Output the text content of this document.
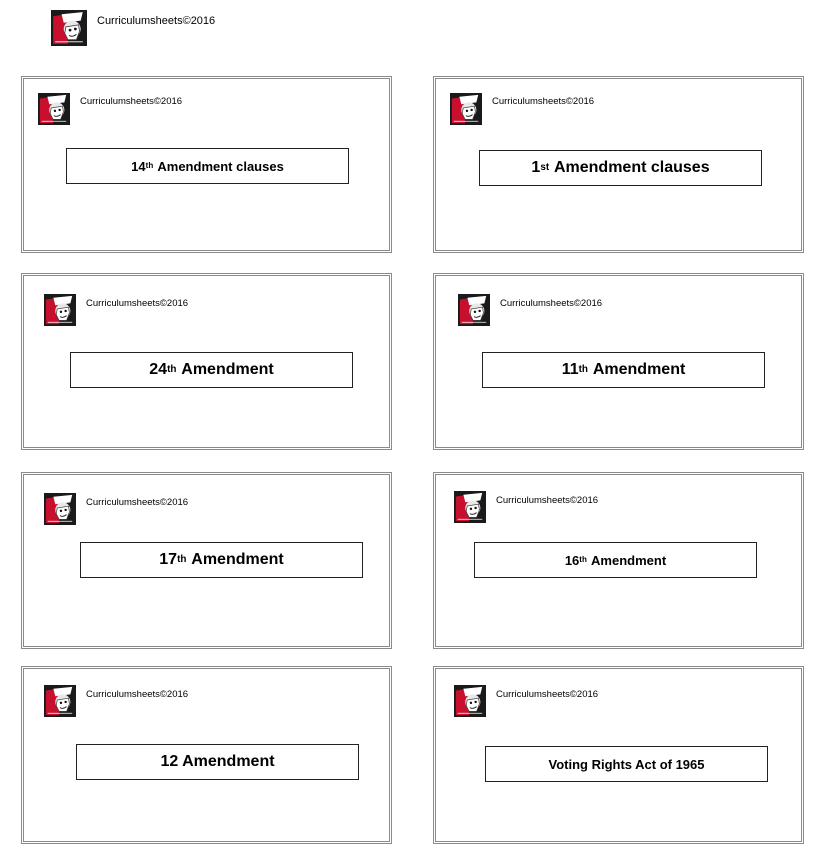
Curriculumsheets©2016
Curriculumsheets©2016
14 th Amendment clauses
Curriculumsheets©2016
1 st Amendment clauses
Curriculumsheets©2016
24 th Amendment
Curriculumsheets©2016
11 th Amendment
Curriculumsheets©2016
17 th Amendment
Curriculumsheets©2016
16 th Amendment
Curriculumsheets©2016
12 Amendment
Curriculumsheets©2016
Voting Rights Act of 1965
